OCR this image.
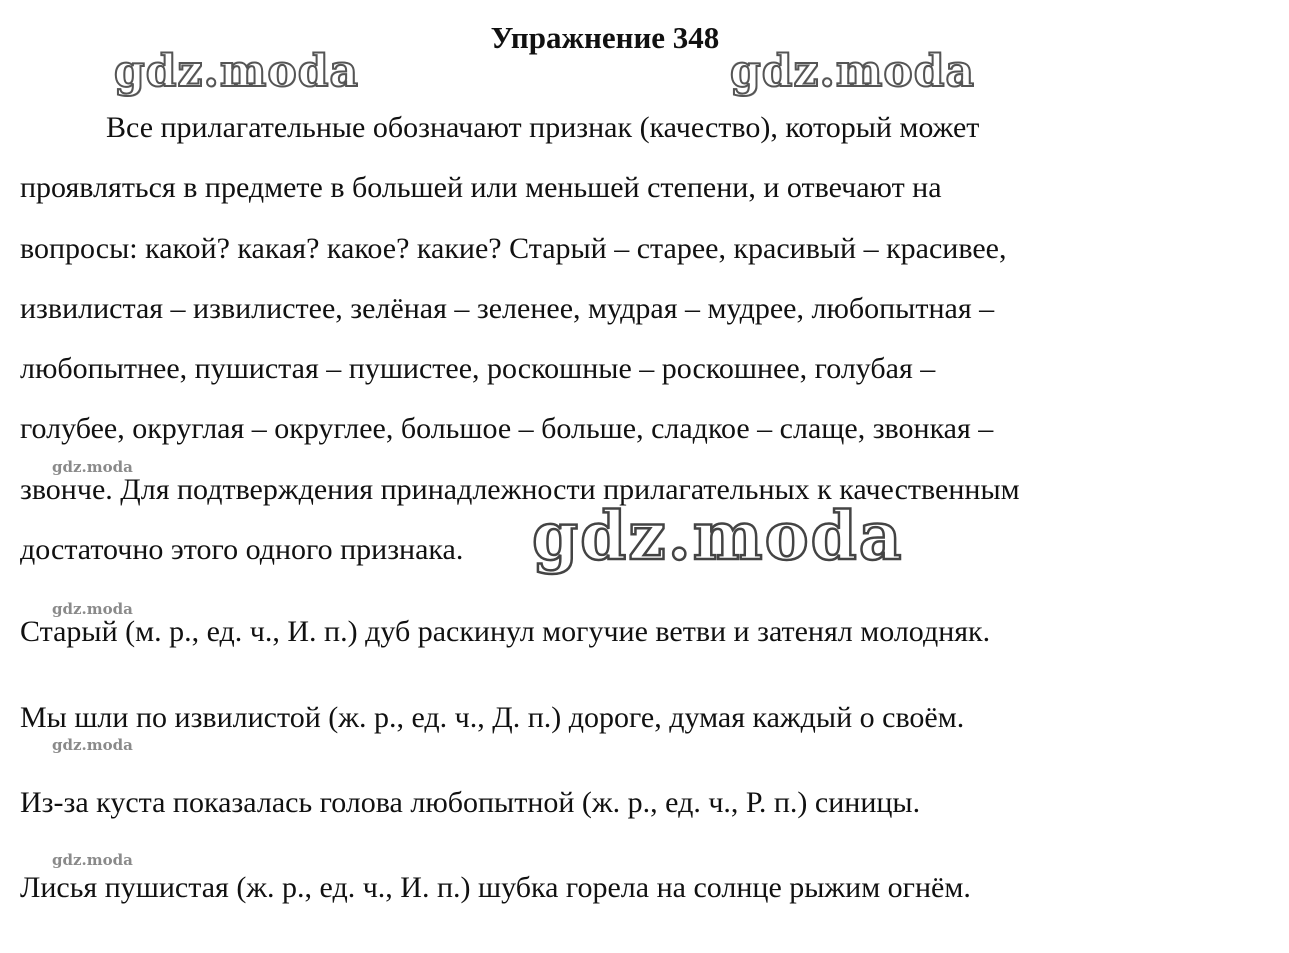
Упражнение 348

Все прилагательные обозначают признак (качество), который может
проявляться в предмете в большей или меньшей степени, и отвечают на
вопросы: какой? какая? какое? какие? Старый – старее, красивый – красивее,
извилистая – извилистее, зелёная – зеленее, мудрая – мудрее, любопытная –
любопытнее, пушистая – пушистее, роскошные – роскошнее, голубая –
голубее, округлая – округлее, большое – больше, сладкое – слаще, звонкая –
звонче. Для подтверждения принадлежности прилагательных к качественным
достаточно этого одного признака.

Старый (м. р., ед. ч., И. п.) дуб раскинул могучие ветви и затенял молодняк.
Мы шли по извилистой (ж. р., ед. ч., Д. п.) дороге, думая каждый о своём.
Из-за куста показалась голова любопытной (ж. р., ед. ч., Р. п.) синицы.
Лисья пушистая (ж. р., ед. ч., И. п.) шубка горела на солнце рыжим огнём.
gdz.moda	gdz.moda
gdz.moda
gdz.moda
gdz.moda
gdz.moda
gdz.moda
